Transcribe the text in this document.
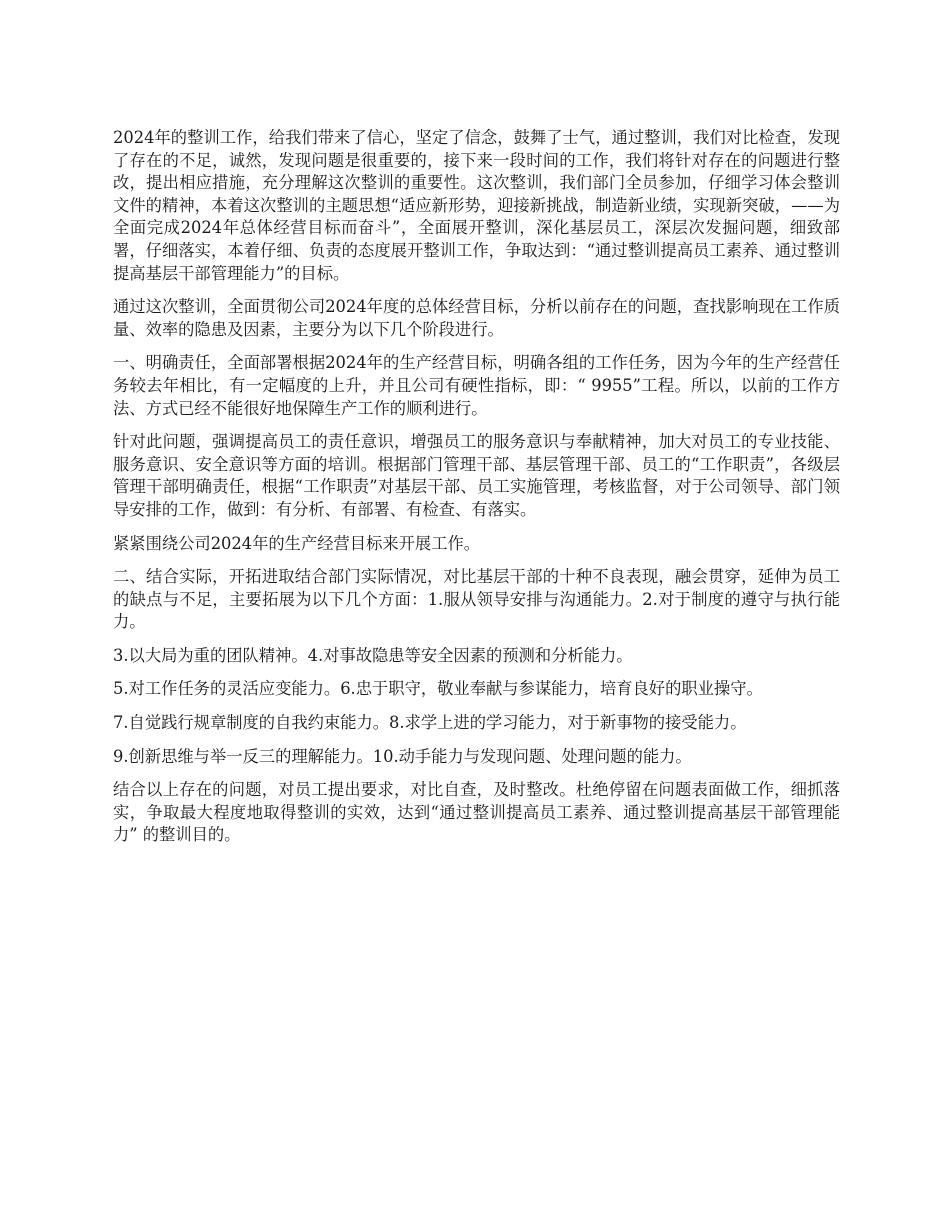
2024年的整训工作，给我们带来了信心，坚定了信念，鼓舞了士气，通过整训，我们对比检查，发现了存在的不足，诚然，发现问题是很重要的，接下来一段时间的工作，我们将针对存在的问题进行整改，提出相应措施，充分理解这次整训的重要性。这次整训，我们部门全员参加，仔细学习体会整训文件的精神，本着这次整训的主题思想“适应新形势，迎接新挑战，制造新业绩，实现新突破，——为全面完成2024年总体经营目标而奋斗”，全面展开整训，深化基层员工，深层次发掘问题，细致部署，仔细落实，本着仔细、负责的态度展开整训工作，争取达到：“通过整训提高员工素养、通过整训提高基层干部管理能力”的目标。

通过这次整训，全面贯彻公司2024年度的总体经营目标，分析以前存在的问题，查找影响现在工作质量、效率的隐患及因素，主要分为以下几个阶段进行。

一、明确责任，全面部署根据2024年的生产经营目标，明确各组的工作任务，因为今年的生产经营任务较去年相比，有一定幅度的上升，并且公司有硬性指标，即：“ 9955”工程。所以，以前的工作方法、方式已经不能很好地保障生产工作的顺利进行。

针对此问题，强调提高员工的责任意识，增强员工的服务意识与奉献精神，加大对员工的专业技能、服务意识、安全意识等方面的培训。根据部门管理干部、基层管理干部、员工的“工作职责”，各级层管理干部明确责任，根据“工作职责”对基层干部、员工实施管理，考核监督，对于公司领导、部门领导安排的工作，做到：有分析、有部署、有检查、有落实。

紧紧围绕公司2024年的生产经营目标来开展工作。

二、结合实际，开拓进取结合部门实际情况，对比基层干部的十种不良表现，融会贯穿，延伸为员工的缺点与不足，主要拓展为以下几个方面：1.服从领导安排与沟通能力。2.对于制度的遵守与执行能力。

3.以大局为重的团队精神。4.对事故隐患等安全因素的预测和分析能力。

5.对工作任务的灵活应变能力。6.忠于职守，敬业奉献与参谋能力，培育良好的职业操守。

7.自觉践行规章制度的自我约束能力。8.求学上进的学习能力，对于新事物的接受能力。

9.创新思维与举一反三的理解能力。10.动手能力与发现问题、处理问题的能力。

结合以上存在的问题，对员工提出要求，对比自查，及时整改。杜绝停留在问题表面做工作，细抓落实，争取最大程度地取得整训的实效，达到“通过整训提高员工素养、通过整训提高基层干部管理能力” 的整训目的。
